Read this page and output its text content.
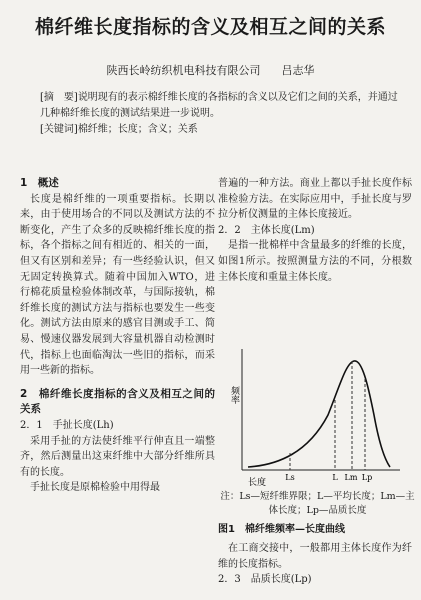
棉纤维长度指标的含义及相互之间的关系
陕西长岭纺织机电科技有限公司 吕志华

[摘　要]说明现有的表示棉纤维长度的各指标的含义以及它们之间的关系，并通过几种棉纤维长度的测试结果进一步说明。

[关键词]棉纤维；长度；含义；关系

1　概述

长度是棉纤维的一项重要指标。长期以来，由于使用场合的不同以及测试方法的不断变化，产生了众多的反映棉纤维长度的指标，各个指标之间有相近的、相关的一面，但又有区别和差异；有一些经验认识，但又无固定转换算式。随着中国加入WTO，进行棉花质量检验体制改革，与国际接轨，棉纤维长度的测试方法与指标也要发生一些变化。测试方法由原来的感官目测或手工、简易、慢速仪器发展到大容量机器自动检测时代，指标上也面临淘汰一些旧的指标，而采用一些新的指标。

2　棉纤维长度指标的含义及相互之间的关系
2．1　手扯长度(Lh)

采用手扯的方法使纤维平行伸直且一端整齐，然后测量出这束纤维中大部分纤维所具有的长度。

手扯长度是原棉检验中用得最

普遍的一种方法。商业上都以手扯长度作标准检验方法。在实际应用中，手扯长度与罗拉分析仪测量的主体长度接近。

2．2　主体长度(Lm)

是指一批棉样中含量最多的纤维的长度，如图1所示。按照测量方法的不同，分根数主体长度和重量主体长度。

频率
长度
Ls	L Lm Lp
注：Ls—短纤维界限；L—平均长度；Lm—主体长度；Lp—品质长度
图1　棉纤维频率—长度曲线

在工商交接中，一般都用主体长度作为纤维的长度指标。

2．3　品质长度(Lp)
